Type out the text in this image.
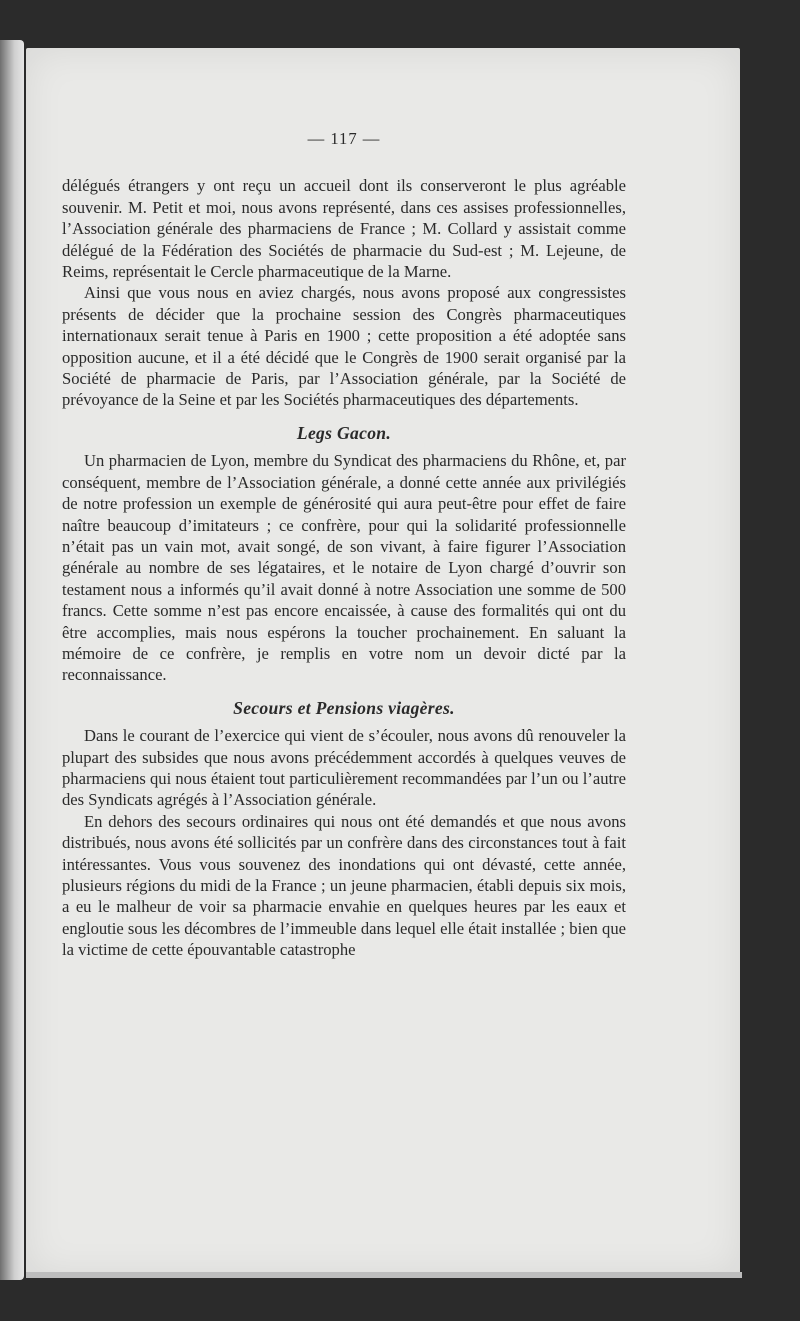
— 117 —

délégués étrangers y ont reçu un accueil dont ils conserveront le plus agréable souvenir. M. Petit et moi, nous avons représenté, dans ces assises professionnelles, l’Association générale des pharmaciens de France ; M. Collard y assistait comme délégué de la Fédération des Sociétés de pharmacie du Sud-est ; M. Lejeune, de Reims, représentait le Cercle pharmaceutique de la Marne.

Ainsi que vous nous en aviez chargés, nous avons proposé aux congressistes présents de décider que la prochaine session des Congrès pharmaceutiques internationaux serait tenue à Paris en 1900 ; cette proposition a été adoptée sans opposition aucune, et il a été décidé que le Congrès de 1900 serait organisé par la Société de pharmacie de Paris, par l’Association générale, par la Société de prévoyance de la Seine et par les Sociétés pharmaceutiques des départements.

Legs Gacon.

Un pharmacien de Lyon, membre du Syndicat des pharmaciens du Rhône, et, par conséquent, membre de l’Association générale, a donné cette année aux privilégiés de notre profession un exemple de générosité qui aura peut-être pour effet de faire naître beaucoup d’imitateurs ; ce confrère, pour qui la solidarité professionnelle n’était pas un vain mot, avait songé, de son vivant, à faire figurer l’Association générale au nombre de ses légataires, et le notaire de Lyon chargé d’ouvrir son testament nous a informés qu’il avait donné à notre Association une somme de 500 francs. Cette somme n’est pas encore encaissée, à cause des formalités qui ont du être accomplies, mais nous espérons la toucher prochainement. En saluant la mémoire de ce confrère, je remplis en votre nom un devoir dicté par la reconnaissance.

Secours et Pensions viagères.

Dans le courant de l’exercice qui vient de s’écouler, nous avons dû renouveler la plupart des subsides que nous avons précédemment accordés à quelques veuves de pharmaciens qui nous étaient tout particulièrement recommandées par l’un ou l’autre des Syndicats agrégés à l’Association générale.

En dehors des secours ordinaires qui nous ont été demandés et que nous avons distribués, nous avons été sollicités par un confrère dans des circonstances tout à fait intéressantes. Vous vous souvenez des inondations qui ont dévasté, cette année, plusieurs régions du midi de la France ; un jeune pharmacien, établi depuis six mois, a eu le malheur de voir sa pharmacie envahie en quelques heures par les eaux et engloutie sous les décombres de l’immeuble dans lequel elle était installée ; bien que la victime de cette épouvantable catastrophe
